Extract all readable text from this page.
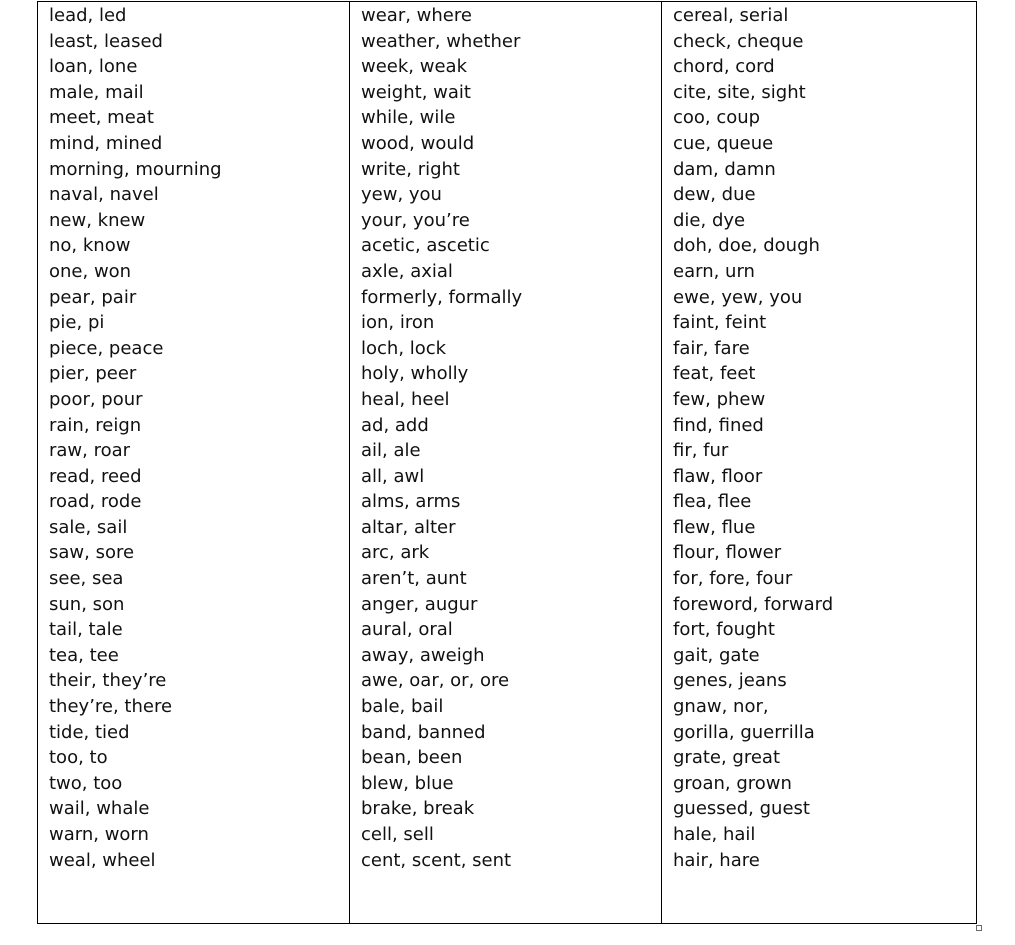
lead, led
least, leased
loan, lone
male, mail
meet, meat
mind, mined
morning, mourning
naval, navel
new, knew
no, know
one, won
pear, pair
pie, pi
piece, peace
pier, peer
poor, pour
rain, reign
raw, roar
read, reed
road, rode
sale, sail
saw, sore
see, sea
sun, son
tail, tale
tea, tee
their, they’re
they’re, there
tide, tied
too, to
two, too
wail, whale
warn, worn
weal, wheel
wear, where
weather, whether
week, weak
weight, wait
while, wile
wood, would
write, right
yew, you
your, you’re
acetic, ascetic
axle, axial
formerly, formally
ion, iron
loch, lock
holy, wholly
heal, heel
ad, add
ail, ale
all, awl
alms, arms
altar, alter
arc, ark
aren’t, aunt
anger, augur
aural, oral
away, aweigh
awe, oar, or, ore
bale, bail
band, banned
bean, been
blew, blue
brake, break
cell, sell
cent, scent, sent
cereal, serial
check, cheque
chord, cord
cite, site, sight
coo, coup
cue, queue
dam, damn
dew, due
die, dye
doh, doe, dough
earn, urn
ewe, yew, you
faint, feint
fair, fare
feat, feet
few, phew
find, fined
fir, fur
flaw, floor
flea, flee
flew, flue
flour, flower
for, fore, four
foreword, forward
fort, fought
gait, gate
genes, jeans
gnaw, nor,
gorilla, guerrilla
grate, great
groan, grown
guessed, guest
hale, hail
hair, hare
